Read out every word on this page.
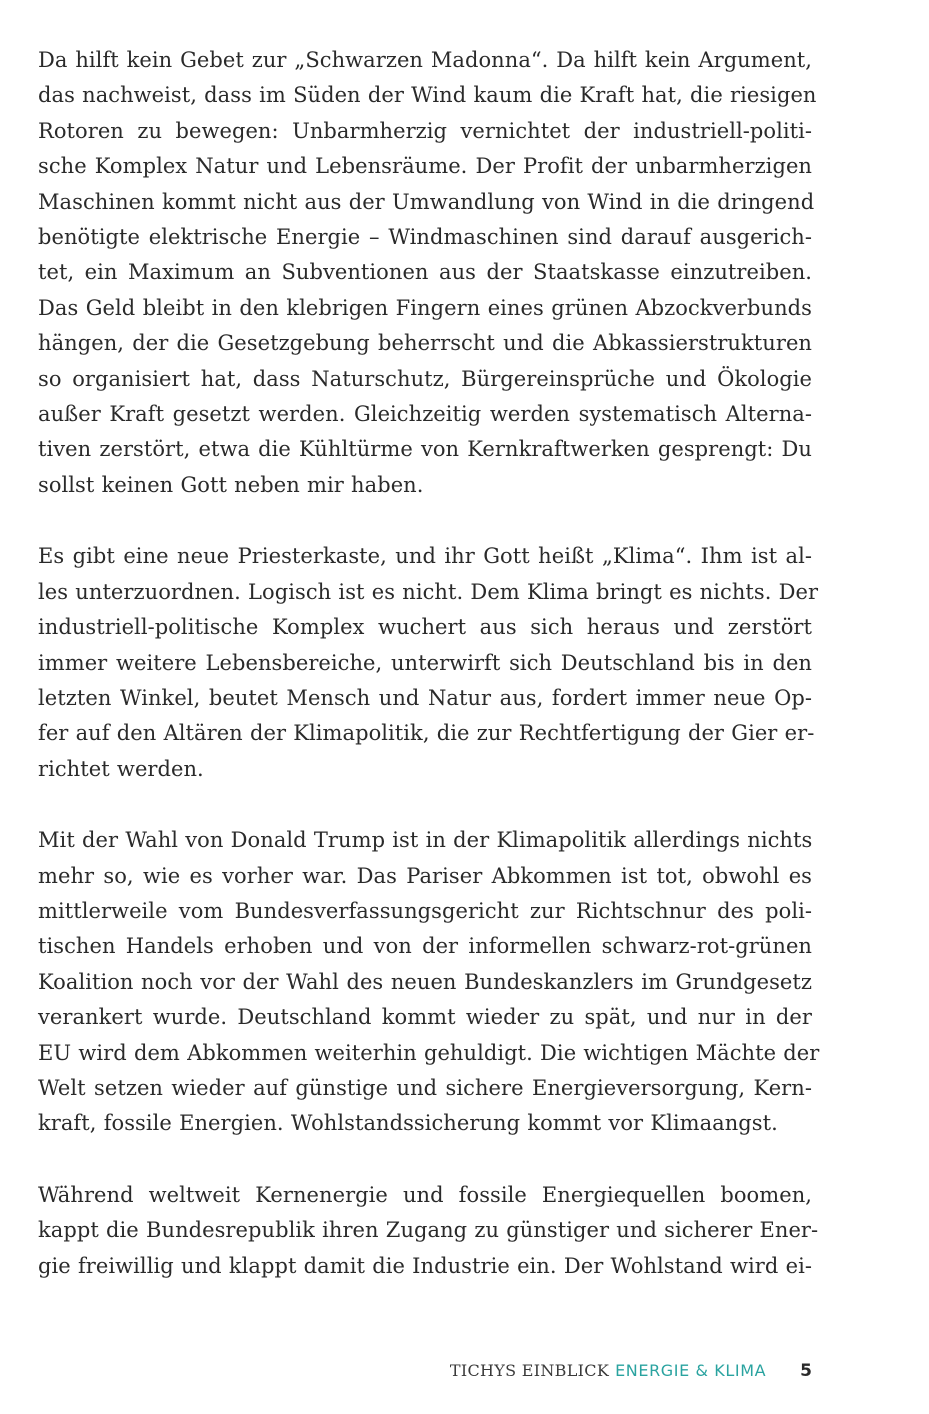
Da hilft kein Gebet zur „Schwarzen Madonna“. Da hilft kein Argument,
das nachweist, dass im Süden der Wind kaum die Kraft hat, die riesigen
Rotoren zu bewegen: Unbarmherzig vernichtet der industriell-politi-
sche Komplex Natur und Lebensräume. Der Profit der unbarmherzigen
Maschinen kommt nicht aus der Umwandlung von Wind in die dringend
benötigte elektrische Energie – Windmaschinen sind darauf ausgerich-
tet, ein Maximum an Subventionen aus der Staatskasse einzutreiben.
Das Geld bleibt in den klebrigen Fingern eines grünen Abzockverbunds
hängen, der die Gesetzgebung beherrscht und die Abkassierstrukturen
so organisiert hat, dass Naturschutz, Bürgereinsprüche und Ökologie
außer Kraft gesetzt werden. Gleichzeitig werden systematisch Alterna-
tiven zerstört, etwa die Kühltürme von Kernkraftwerken gesprengt: Du
sollst keinen Gott neben mir haben.

Es gibt eine neue Priesterkaste, und ihr Gott heißt „Klima“. Ihm ist al-
les unterzuordnen. Logisch ist es nicht. Dem Klima bringt es nichts. Der
industriell-politische Komplex wuchert aus sich heraus und zerstört
immer weitere Lebensbereiche, unterwirft sich Deutschland bis in den
letzten Winkel, beutet Mensch und Natur aus, fordert immer neue Op-
fer auf den Altären der Klimapolitik, die zur Rechtfertigung der Gier er-
richtet werden.

Mit der Wahl von Donald Trump ist in der Klimapolitik allerdings nichts
mehr so, wie es vorher war. Das Pariser Abkommen ist tot, obwohl es
mittlerweile vom Bundesverfassungsgericht zur Richtschnur des poli-
tischen Handels erhoben und von der informellen schwarz-rot-grünen
Koalition noch vor der Wahl des neuen Bundeskanzlers im Grundgesetz
verankert wurde. Deutschland kommt wieder zu spät, und nur in der
EU wird dem Abkommen weiterhin gehuldigt. Die wichtigen Mächte der
Welt setzen wieder auf günstige und sichere Energieversorgung, Kern-
kraft, fossile Energien. Wohlstandssicherung kommt vor Klimaangst.

Während weltweit Kernenergie und fossile Energiequellen boomen,
kappt die Bundesrepublik ihren Zugang zu günstiger und sicherer Ener-
gie freiwillig und klappt damit die Industrie ein. Der Wohlstand wird ei-

TICHYS EINBLICK ENERGIE & KLIMA 5
